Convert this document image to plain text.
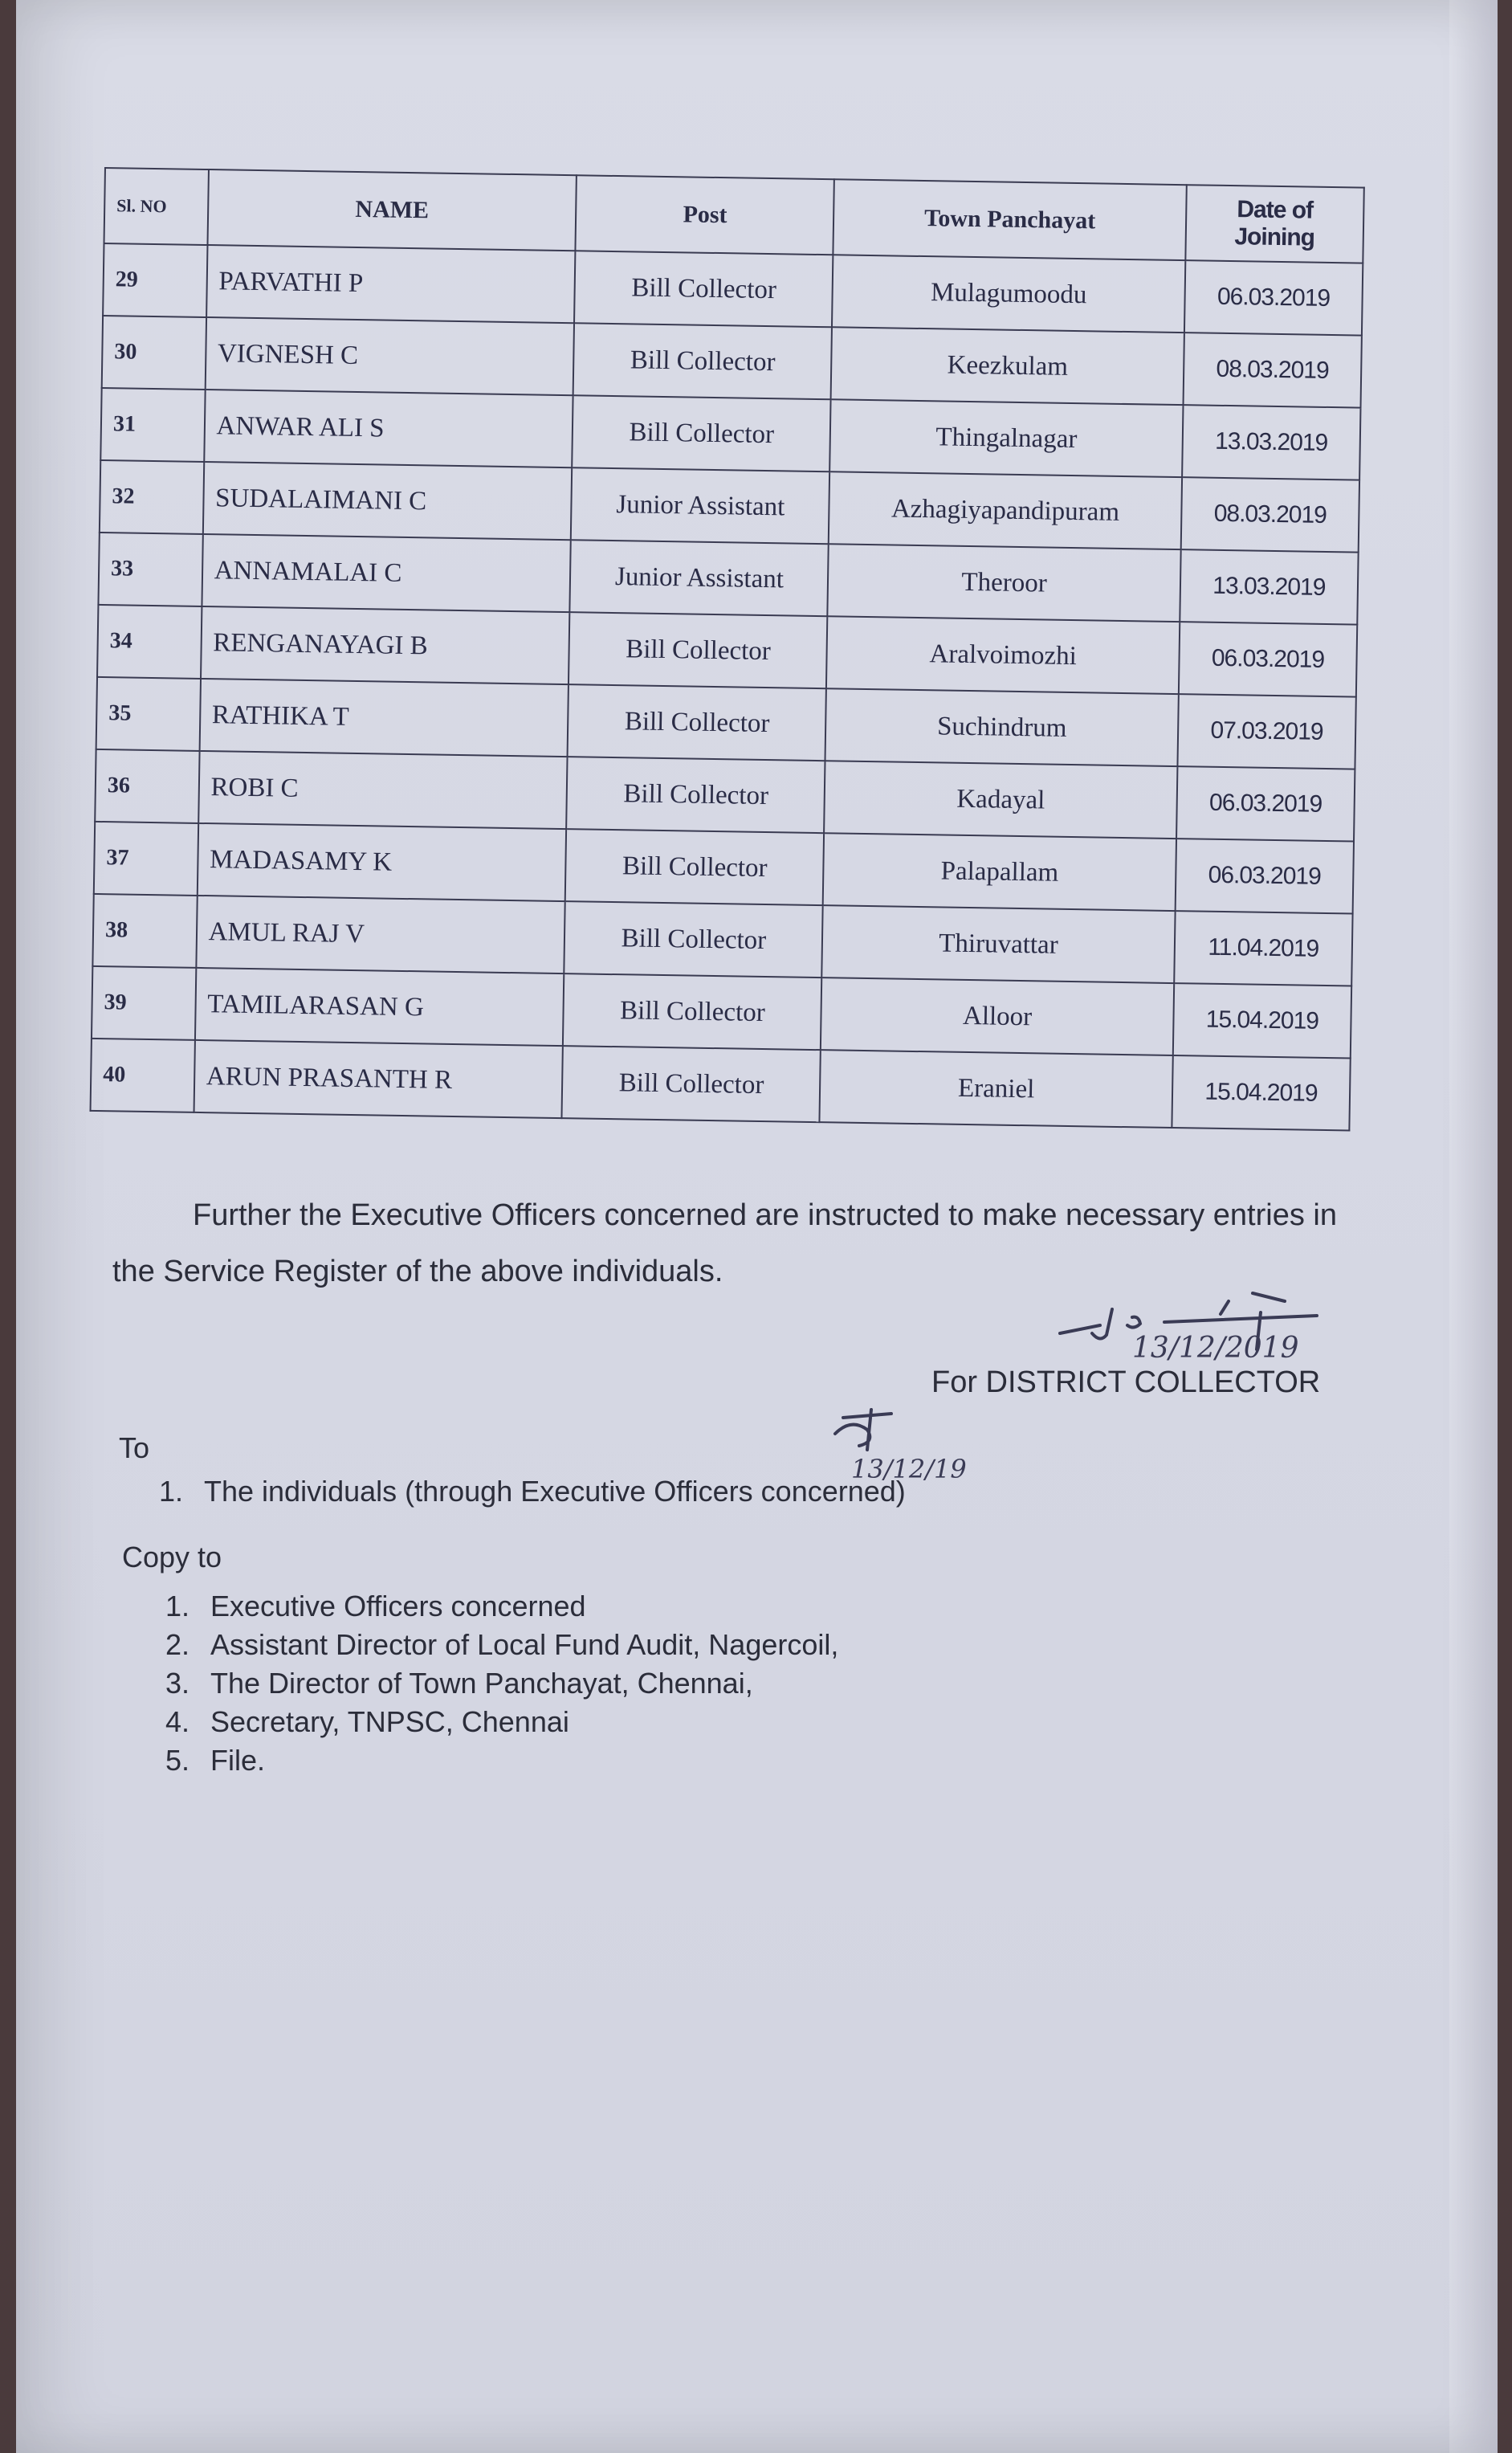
Sl. NO	NAME	Post	Town Panchayat	Date of Joining
29	PARVATHI P	Bill Collector	Mulagumoodu	06.03.2019
30	VIGNESH C	Bill Collector	Keezkulam	08.03.2019
31	ANWAR ALI S	Bill Collector	Thingalnagar	13.03.2019
32	SUDALAIMANI C	Junior Assistant	Azhagiyapandipuram	08.03.2019
33	ANNAMALAI C	Junior Assistant	Theroor	13.03.2019
34	RENGANAYAGI B	Bill Collector	Aralvoimozhi	06.03.2019
35	RATHIKA T	Bill Collector	Suchindrum	07.03.2019
36	ROBI C	Bill Collector	Kadayal	06.03.2019
37	MADASAMY K	Bill Collector	Palapallam	06.03.2019
38	AMUL RAJ V	Bill Collector	Thiruvattar	11.04.2019
39	TAMILARASAN G	Bill Collector	Alloor	15.04.2019
40	ARUN PRASANTH R	Bill Collector	Eraniel	15.04.2019

Further the Executive Officers concerned are instructed to make necessary entries in the Service Register of the above individuals.

13/12/2019
For DISTRICT COLLECTOR
To
13/12/19
1. The individuals (through Executive Officers concerned)
Copy to
1. Executive Officers concerned
2. Assistant Director of Local Fund Audit, Nagercoil,
3. The Director of Town Panchayat, Chennai,
4. Secretary, TNPSC, Chennai
5. File.
